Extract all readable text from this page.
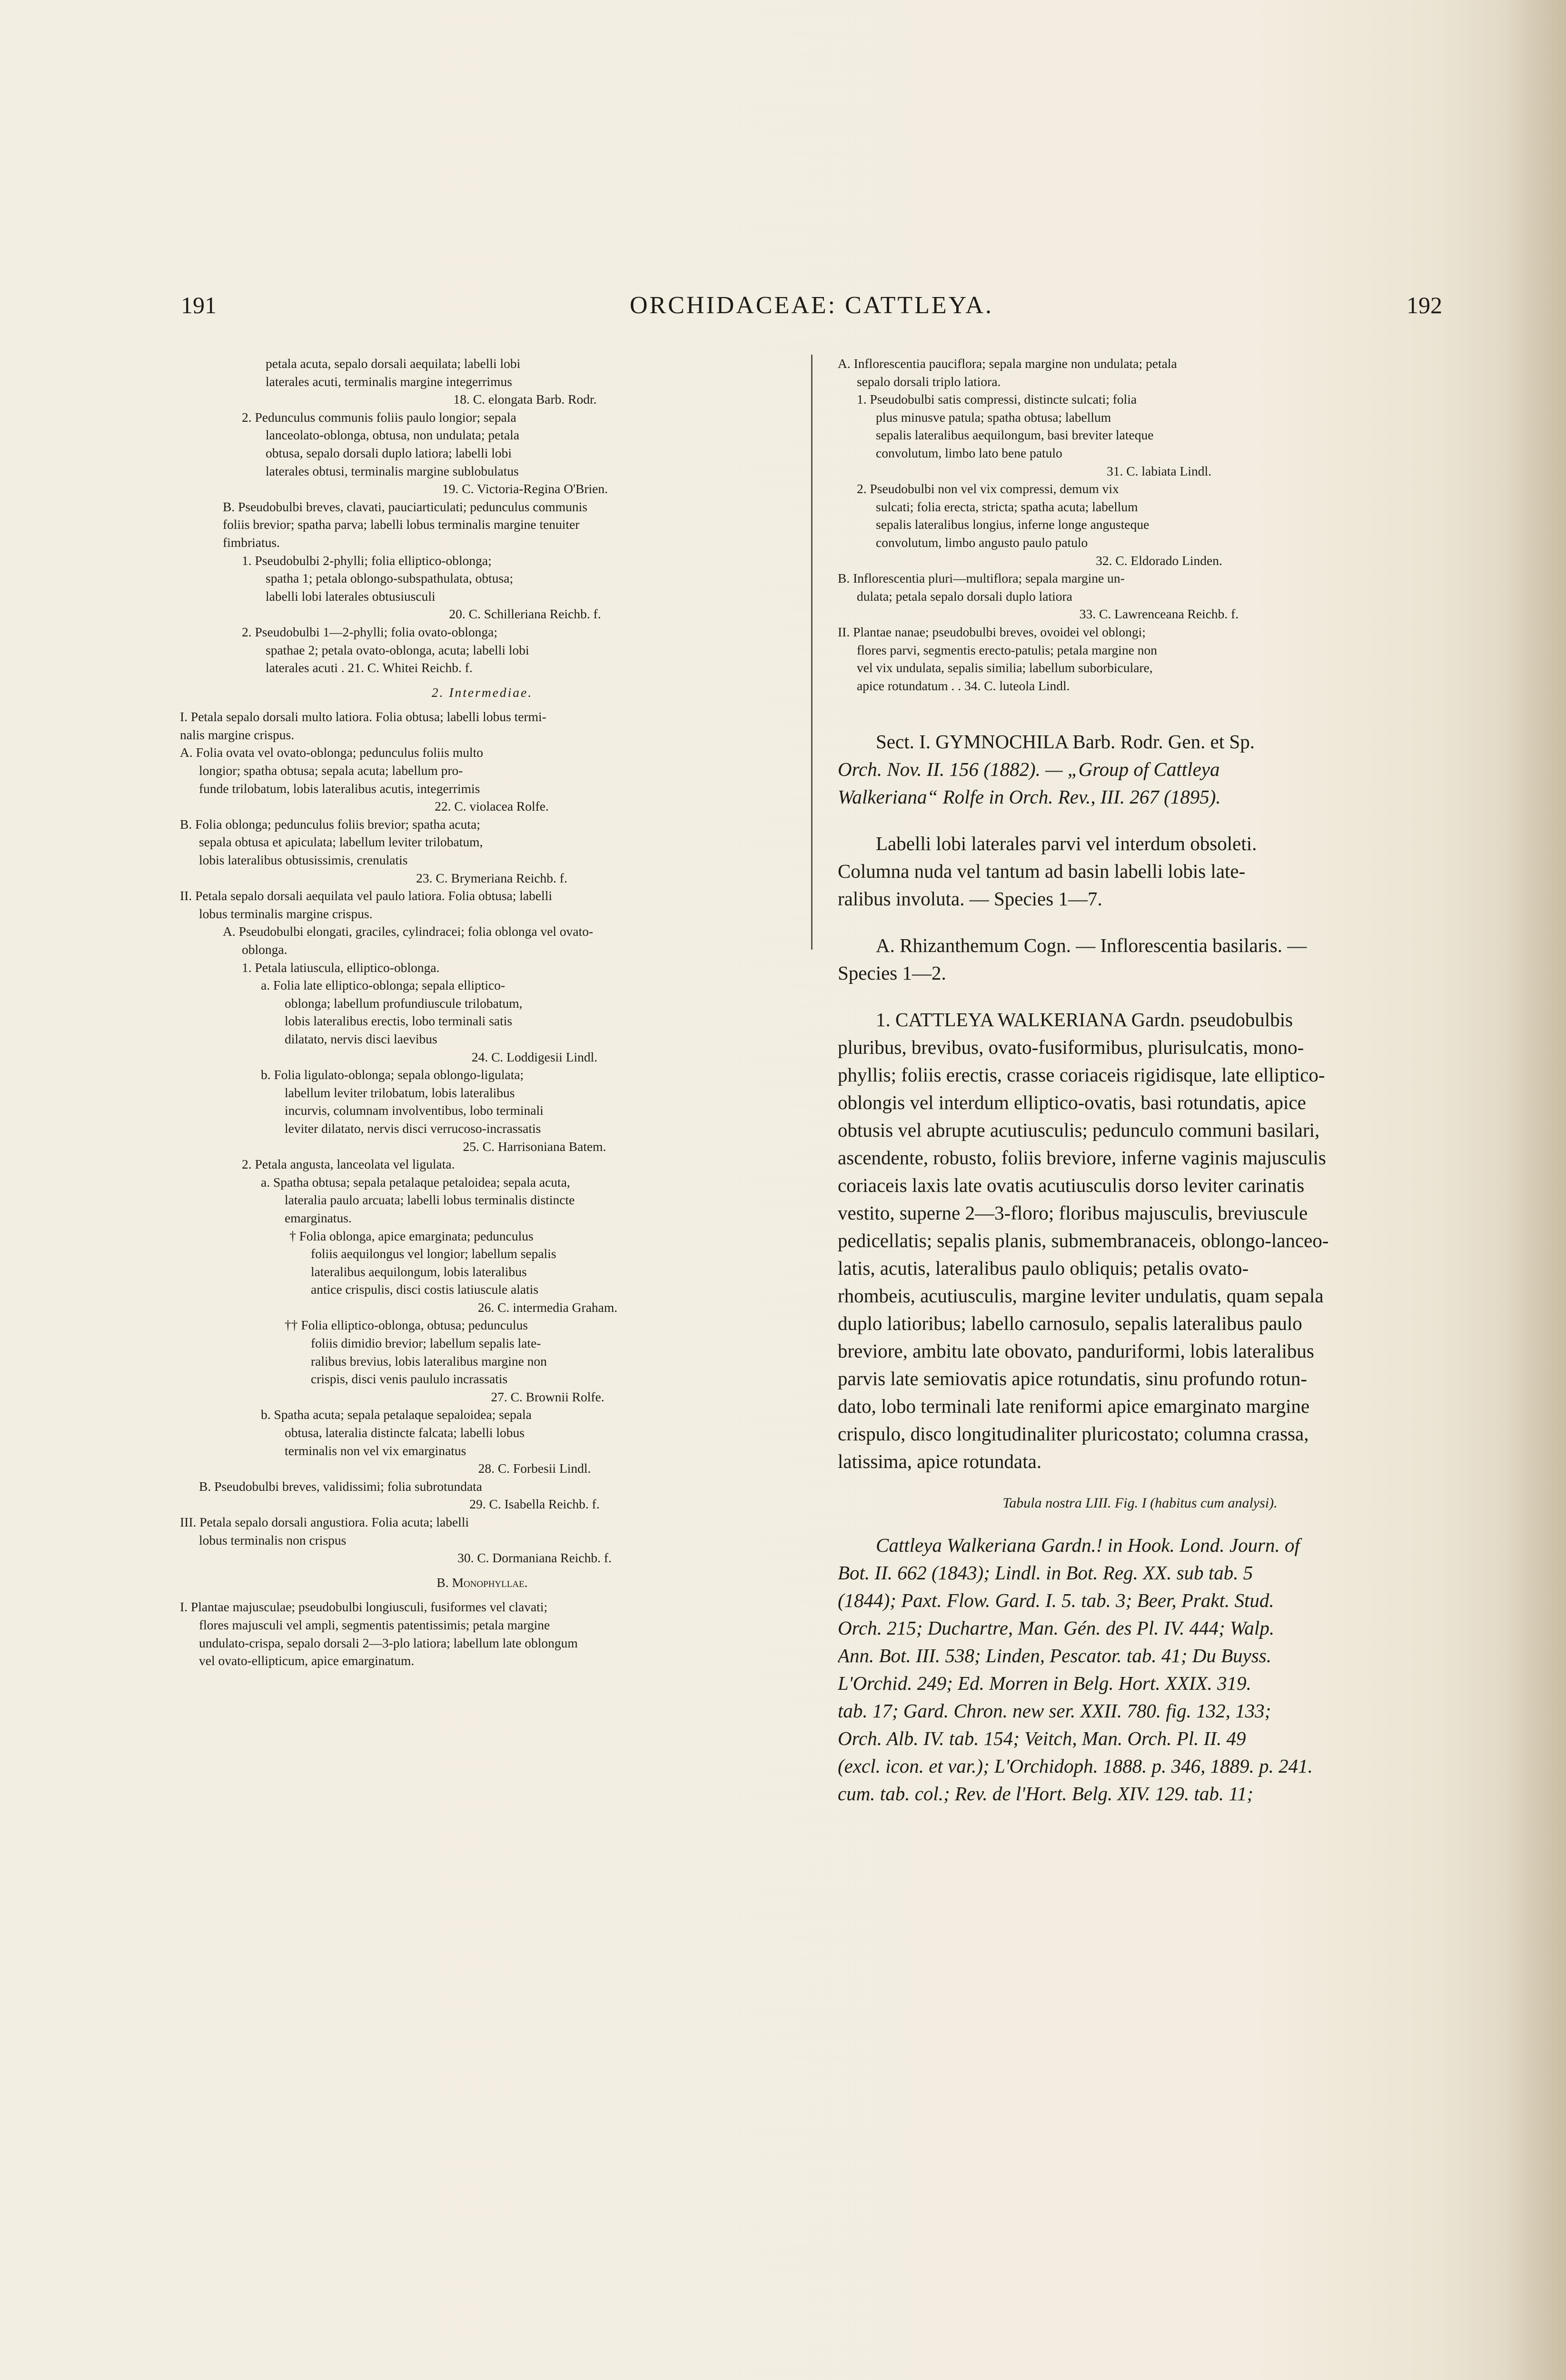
191	ORCHIDACEAE: CATTLEYA.	192
petala acuta, sepalo dorsali aequilata; labelli lobi
laterales acuti, terminalis margine integerrimus
18. C. elongata Barb. Rodr.
2. Pedunculus communis foliis paulo longior; sepala
lanceolato-oblonga, obtusa, non undulata; petala
obtusa, sepalo dorsali duplo latiora; labelli lobi
laterales obtusi, terminalis margine sublobulatus
19. C. Victoria-Regina O'Brien.
B. Pseudobulbi breves, clavati, pauciarticulati; pedunculus communis
foliis brevior; spatha parva; labelli lobus terminalis margine tenuiter
fimbriatus.
1. Pseudobulbi 2-phylli; folia elliptico-oblonga;
spatha 1; petala oblongo-subspathulata, obtusa;
labelli lobi laterales obtusiusculi
20. C. Schilleriana Reichb. f.
2. Pseudobulbi 1—2-phylli; folia ovato-oblonga;
spathae 2; petala ovato-oblonga, acuta; labelli lobi
laterales acuti . 21. C. Whitei Reichb. f.
2. Intermediae.
I. Petala sepalo dorsali multo latiora. Folia obtusa; labelli lobus termi-
nalis margine crispus.
A. Folia ovata vel ovato-oblonga; pedunculus foliis multo
longior; spatha obtusa; sepala acuta; labellum pro-
funde trilobatum, lobis lateralibus acutis, integerrimis
22. C. violacea Rolfe.
B. Folia oblonga; pedunculus foliis brevior; spatha acuta;
sepala obtusa et apiculata; labellum leviter trilobatum,
lobis lateralibus obtusissimis, crenulatis
23. C. Brymeriana Reichb. f.
II. Petala sepalo dorsali aequilata vel paulo latiora. Folia obtusa; labelli
lobus terminalis margine crispus.
A. Pseudobulbi elongati, graciles, cylindracei; folia oblonga vel ovato-
oblonga.
1. Petala latiuscula, elliptico-oblonga.
a. Folia late elliptico-oblonga; sepala elliptico-
oblonga; labellum profundiuscule trilobatum,
lobis lateralibus erectis, lobo terminali satis
dilatato, nervis disci laevibus
24. C. Loddigesii Lindl.
b. Folia ligulato-oblonga; sepala oblongo-ligulata;
labellum leviter trilobatum, lobis lateralibus
incurvis, columnam involventibus, lobo terminali
leviter dilatato, nervis disci verrucoso-incrassatis
25. C. Harrisoniana Batem.
2. Petala angusta, lanceolata vel ligulata.
a. Spatha obtusa; sepala petalaque petaloidea; sepala acuta,
lateralia paulo arcuata; labelli lobus terminalis distincte
emarginatus.
† Folia oblonga, apice emarginata; pedunculus
foliis aequilongus vel longior; labellum sepalis
lateralibus aequilongum, lobis lateralibus
antice crispulis, disci costis latiuscule alatis
26. C. intermedia Graham.
†† Folia elliptico-oblonga, obtusa; pedunculus
foliis dimidio brevior; labellum sepalis late-
ralibus brevius, lobis lateralibus margine non
crispis, disci venis paululo incrassatis
27. C. Brownii Rolfe.
b. Spatha acuta; sepala petalaque sepaloidea; sepala
obtusa, lateralia distincte falcata; labelli lobus
terminalis non vel vix emarginatus
28. C. Forbesii Lindl.
B. Pseudobulbi breves, validissimi; folia subrotundata
29. C. Isabella Reichb. f.
III. Petala sepalo dorsali angustiora. Folia acuta; labelli
lobus terminalis non crispus
30. C. Dormaniana Reichb. f.
B. Monophyllae.
I. Plantae majusculae; pseudobulbi longiusculi, fusiformes vel clavati;
flores majusculi vel ampli, segmentis patentissimis; petala margine
undulato-crispa, sepalo dorsali 2—3-plo latiora; labellum late oblongum
vel ovato-ellipticum, apice emarginatum.
A. Inflorescentia pauciflora; sepala margine non undulata; petala
sepalo dorsali triplo latiora.
1. Pseudobulbi satis compressi, distincte sulcati; folia
plus minusve patula; spatha obtusa; labellum
sepalis lateralibus aequilongum, basi breviter lateque
convolutum, limbo lato bene patulo
31. C. labiata Lindl.
2. Pseudobulbi non vel vix compressi, demum vix
sulcati; folia erecta, stricta; spatha acuta; labellum
sepalis lateralibus longius, inferne longe angusteque
convolutum, limbo angusto paulo patulo
32. C. Eldorado Linden.
B. Inflorescentia pluri—multiflora; sepala margine un-
dulata; petala sepalo dorsali duplo latiora
33. C. Lawrenceana Reichb. f.
II. Plantae nanae; pseudobulbi breves, ovoidei vel oblongi;
flores parvi, segmentis erecto-patulis; petala margine non
vel vix undulata, sepalis similia; labellum suborbiculare,
apice rotundatum . . 34. C. luteola Lindl.
Sect. I. GYMNOCHILA Barb. Rodr. Gen. et Sp.
Orch. Nov. II. 156 (1882). — „Group of Cattleya
Walkeriana“ Rolfe in Orch. Rev., III. 267 (1895).
Labelli lobi laterales parvi vel interdum obsoleti.
Columna nuda vel tantum ad basin labelli lobis late-
ralibus involuta. — Species 1—7.
A. Rhizanthemum Cogn. — Inflorescentia basilaris. —
Species 1—2.
1. CATTLEYA WALKERIANA Gardn. pseudobulbis
pluribus, brevibus, ovato-fusiformibus, plurisulcatis, mono-
phyllis; foliis erectis, crasse coriaceis rigidisque, late elliptico-
oblongis vel interdum elliptico-ovatis, basi rotundatis, apice
obtusis vel abrupte acutiusculis; pedunculo communi basilari,
ascendente, robusto, foliis breviore, inferne vaginis majusculis
coriaceis laxis late ovatis acutiusculis dorso leviter carinatis
vestito, superne 2—3-floro; floribus majusculis, breviuscule
pedicellatis; sepalis planis, submembranaceis, oblongo-lanceo-
latis, acutis, lateralibus paulo obliquis; petalis ovato-
rhombeis, acutiusculis, margine leviter undulatis, quam sepala
duplo latioribus; labello carnosulo, sepalis lateralibus paulo
breviore, ambitu late obovato, panduriformi, lobis lateralibus
parvis late semiovatis apice rotundatis, sinu profundo rotun-
dato, lobo terminali late reniformi apice emarginato margine
crispulo, disco longitudinaliter pluricostato; columna crassa,
latissima, apice rotundata.
Tabula nostra LIII. Fig. I (habitus cum analysi).
Cattleya Walkeriana Gardn.! in Hook. Lond. Journ. of
Bot. II. 662 (1843); Lindl. in Bot. Reg. XX. sub tab. 5
(1844); Paxt. Flow. Gard. I. 5. tab. 3; Beer, Prakt. Stud.
Orch. 215; Duchartre, Man. Gén. des Pl. IV. 444; Walp.
Ann. Bot. III. 538; Linden, Pescator. tab. 41; Du Buyss.
L'Orchid. 249; Ed. Morren in Belg. Hort. XXIX. 319.
tab. 17; Gard. Chron. new ser. XXII. 780. fig. 132, 133;
Orch. Alb. IV. tab. 154; Veitch, Man. Orch. Pl. II. 49
(excl. icon. et var.); L'Orchidoph. 1888. p. 346, 1889. p. 241.
cum. tab. col.; Rev. de l'Hort. Belg. XIV. 129. tab. 11;
